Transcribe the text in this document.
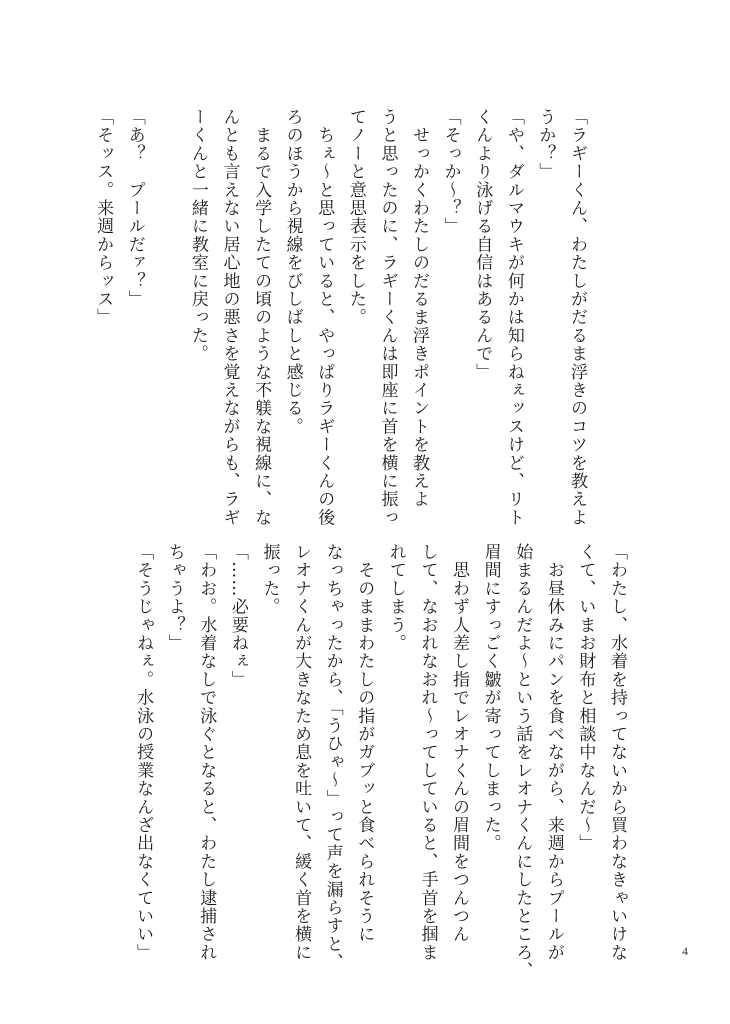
「ラギーくん、わたしがだるま浮きのコツを教えよ
うか？」
「や、ダルマウキが何かは知らねぇッスけど、リト
くんより泳げる自信はあるんで」
「そっか〜？」
　せっかくわたしのだるま浮きポイントを教えよ
うと思ったのに、ラギーくんは即座に首を横に振っ
てノーと意思表示をした。
　ちぇ〜と思っていると、やっぱりラギーくんの後
ろのほうから視線をびしばしと感じる。
　まるで入学したての頃のような不躾な視線に、な
んとも言えない居心地の悪さを覚えながらも、ラギ
ーくんと一緒に教室に戻った。

「あ？　プールだァ？」
「そッス。来週からッス」
「わたし、水着を持ってないから買わなきゃいけな
くて、いまお財布と相談中なんだ〜」
　お昼休みにパンを食べながら、来週からプールが
始まるんだよ〜という話をレオナくんにしたところ、
眉間にすっごく皺が寄ってしまった。
　思わず人差し指でレオナくんの眉間をつんつん
して、なおれなおれ〜ってしていると、手首を掴ま
れてしまう。
　そのままわたしの指がガブッと食べられそうに
なっちゃったから、「うひゃ〜」って声を漏らすと、
レオナくんが大きなため息を吐いて、緩く首を横に
振った。
「……必要ねぇ」
「わお。水着なしで泳ぐとなると、わたし逮捕され
ちゃうよ？」
「そうじゃねぇ。水泳の授業なんざ出なくていい」	4
